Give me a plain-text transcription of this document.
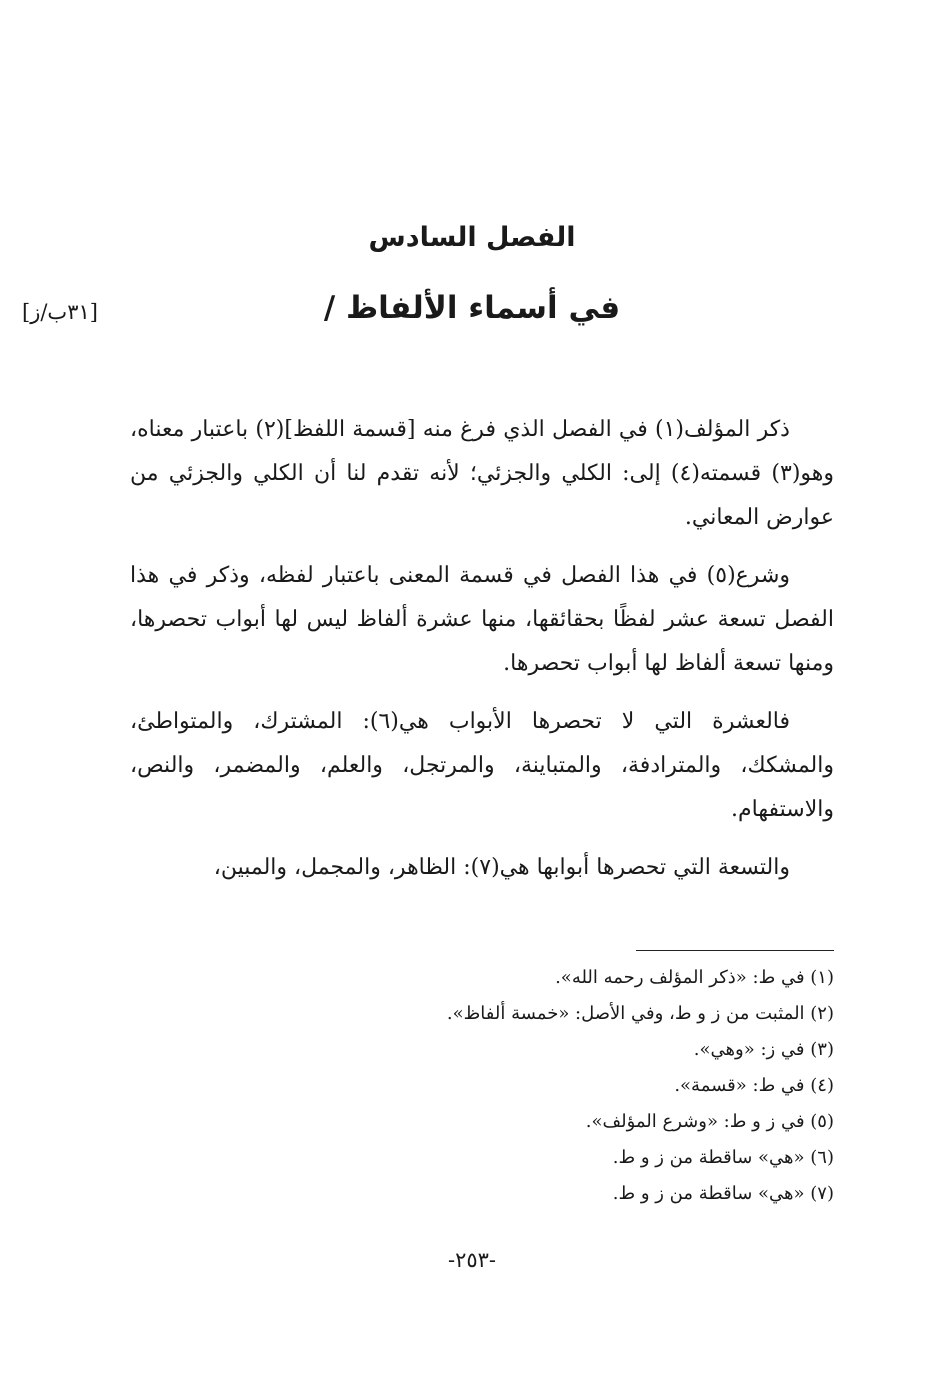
الفصل السادس
في أسماء الألفاظ /
[٣١ب/ز]

ذكر المؤلف(١) في الفصل الذي فرغ منه [قسمة اللفظ](٢) باعتبار معناه، وهو(٣) قسمته(٤) إلى: الكلي والجزئي؛ لأنه تقدم لنا أن الكلي والجزئي من عوارض المعاني.

وشرع(٥) في هذا الفصل في قسمة المعنى باعتبار لفظه، وذكر في هذا الفصل تسعة عشر لفظًا بحقائقها، منها عشرة ألفاظ ليس لها أبواب تحصرها، ومنها تسعة ألفاظ لها أبواب تحصرها.

فالعشرة التي لا تحصرها الأبواب هي(٦): المشترك، والمتواطئ، والمشكك، والمترادفة، والمتباينة، والمرتجل، والعلم، والمضمر، والنص، والاستفهام.

والتسعة التي تحصرها أبوابها هي(٧): الظاهر، والمجمل، والمبين،

(١) في ط: «ذكر المؤلف رحمه الله».
(٢) المثبت من ز و ط، وفي الأصل: «خمسة ألفاظ».
(٣) في ز: «وهي».
(٤) في ط: «قسمة».
(٥) في ز و ط: «وشرع المؤلف».
(٦) «هي» ساقطة من ز و ط.
(٧) «هي» ساقطة من ز و ط.
-٢٥٣-
